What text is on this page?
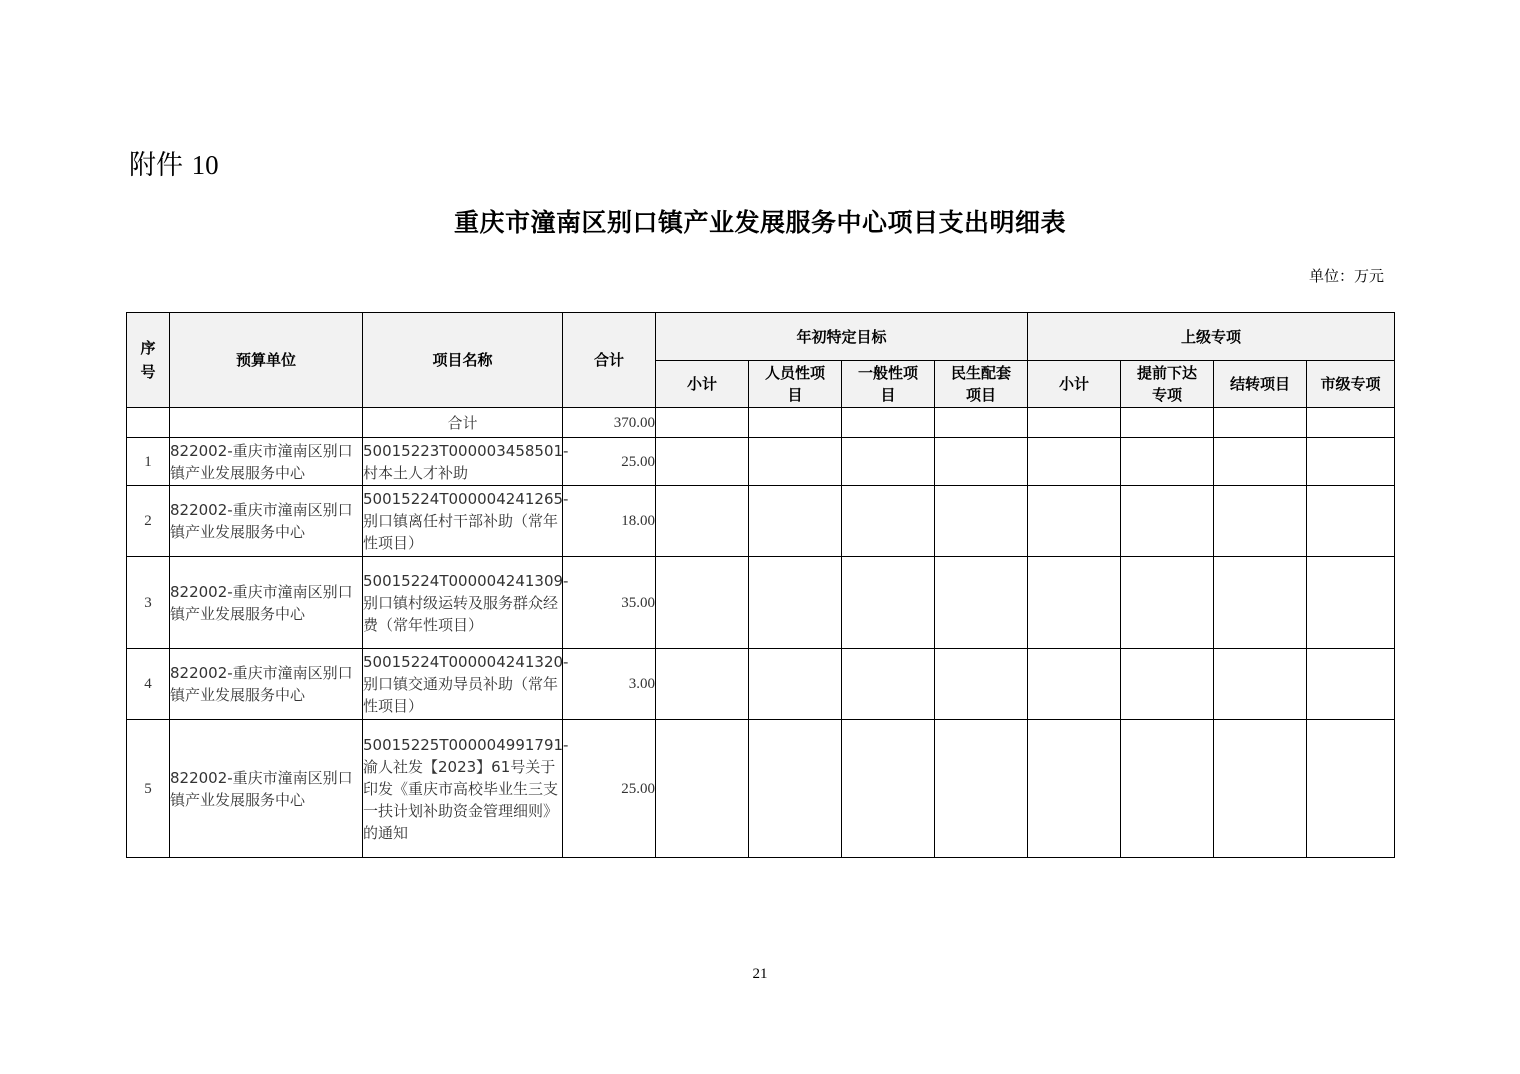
附件 10
重庆市潼南区别口镇产业发展服务中心项目支出明细表
单位：万元
序号	预算单位	项目名称	合计	年初特定目标				上级专项			
				小计	人员性项目	一般性项目	民生配套项目	小计	提前下达专项	结转项目	市级专项
		合计	370.00								
1	822002-重庆市潼南区别口镇产业发展服务中心	50015223T000003458501-村本土人才补助	25.00								
2	822002-重庆市潼南区别口镇产业发展服务中心	50015224T000004241265-别口镇离任村干部补助（常年性项目）	18.00								
3	822002-重庆市潼南区别口镇产业发展服务中心	50015224T000004241309-别口镇村级运转及服务群众经费（常年性项目）	35.00								
4	822002-重庆市潼南区别口镇产业发展服务中心	50015224T000004241320-别口镇交通劝导员补助（常年性项目）	3.00								
5	822002-重庆市潼南区别口镇产业发展服务中心	50015225T000004991791-渝人社发【2023】61号关于印发《重庆市高校毕业生三支一扶计划补助资金管理细则》的通知	25.00								
21
